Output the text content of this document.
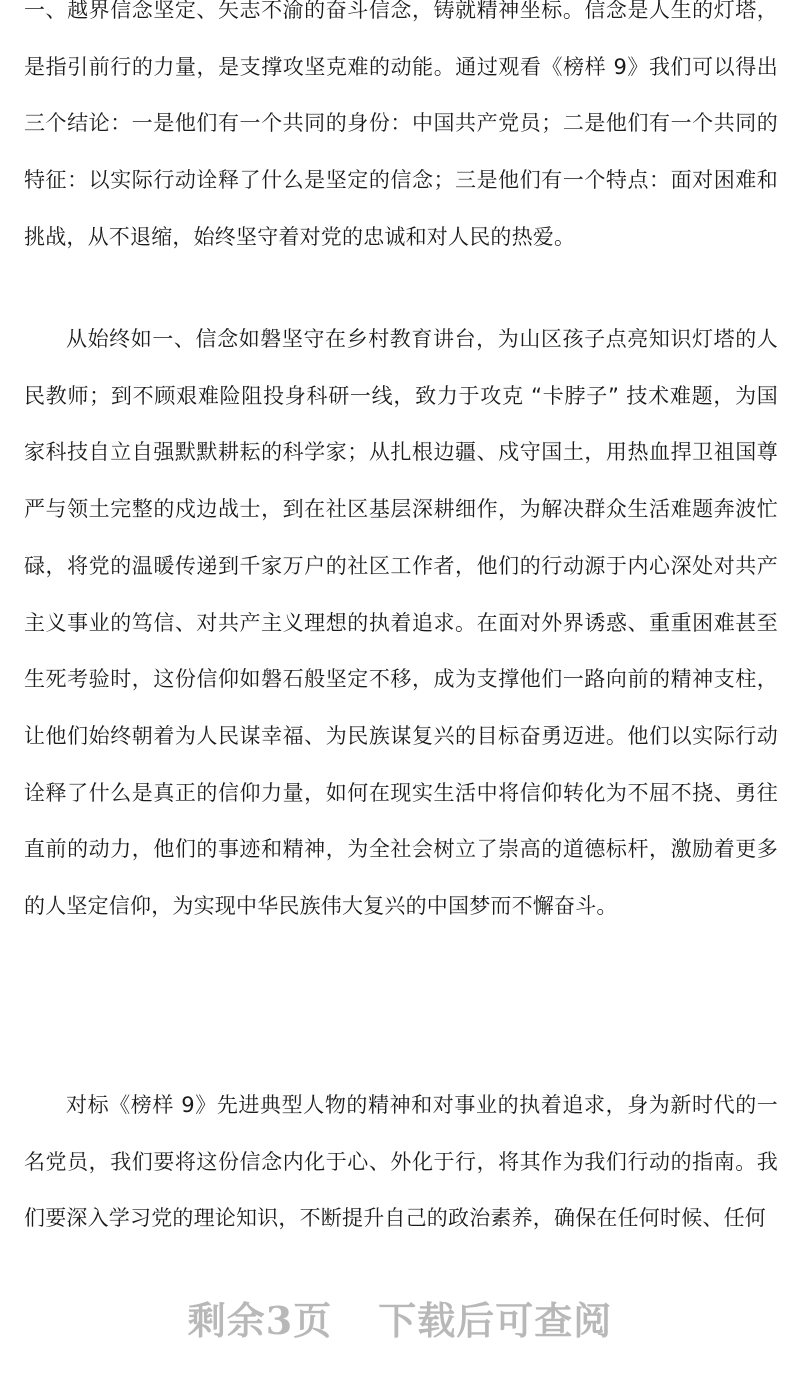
一、越界信念坚定、矢志不渝的奋斗信念，铸就精神坐标。信念是人生的灯塔，是指引前行的力量，是支撑攻坚克难的动能。通过观看《榜样 9》我们可以得出三个结论：一是他们有一个共同的身份：中国共产党员；二是他们有一个共同的特征：以实际行动诠释了什么是坚定的信念；三是他们有一个特点：面对困难和挑战，从不退缩，始终坚守着对党的忠诚和对人民的热爱。

从始终如一、信念如磐坚守在乡村教育讲台，为山区孩子点亮知识灯塔的人民教师；到不顾艰难险阻投身科研一线，致力于攻克 “卡脖子” 技术难题，为国家科技自立自强默默耕耘的科学家；从扎根边疆、戍守国土，用热血捍卫祖国尊严与领土完整的戍边战士，到在社区基层深耕细作，为解决群众生活难题奔波忙碌，将党的温暖传递到千家万户的社区工作者，他们的行动源于内心深处对共产主义事业的笃信、对共产主义理想的执着追求。在面对外界诱惑、重重困难甚至生死考验时，这份信仰如磐石般坚定不移，成为支撑他们一路向前的精神支柱，让他们始终朝着为人民谋幸福、为民族谋复兴的目标奋勇迈进。他们以实际行动诠释了什么是真正的信仰力量，如何在现实生活中将信仰转化为不屈不挠、勇往直前的动力，他们的事迹和精神，为全社会树立了崇高的道德标杆，激励着更多的人坚定信仰，为实现中华民族伟大复兴的中国梦而不懈奋斗。

对标《榜样 9》先进典型人物的精神和对事业的执着追求，身为新时代的一名党员，我们要将这份信念内化于心、外化于行，将其作为我们行动的指南。我们要深入学习党的理论知识，不断提升自己的政治素养，确保在任何时候、任何

剩余3页 下载后可查阅
